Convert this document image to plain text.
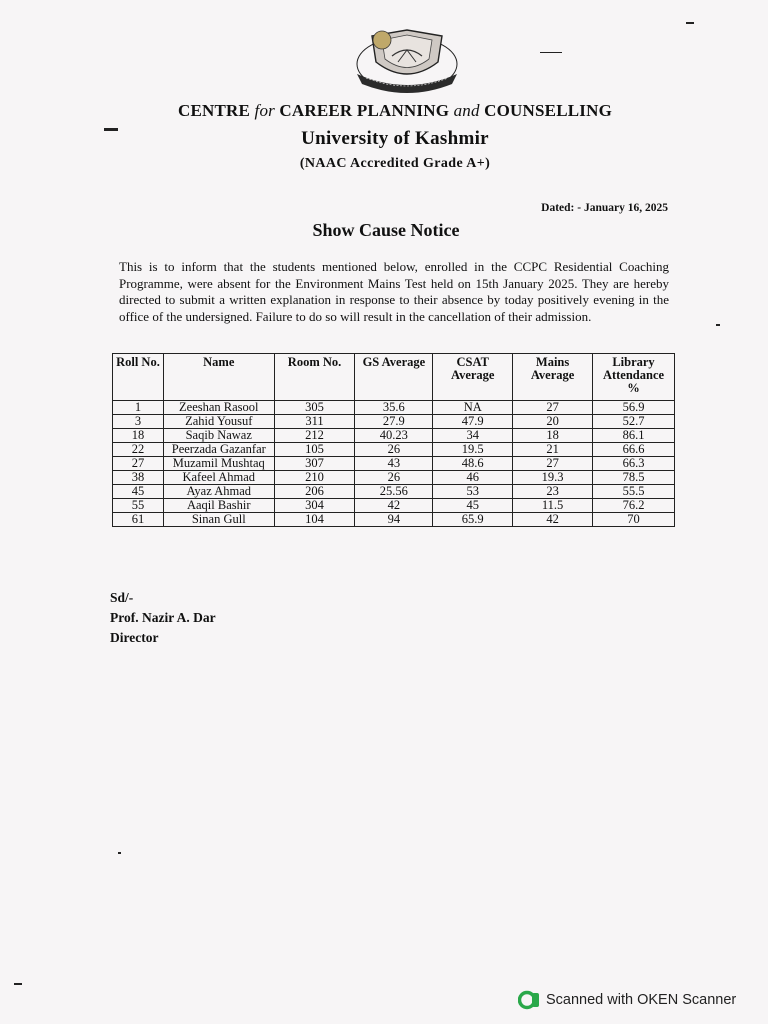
CENTRE for CAREER PLANNING and COUNSELLING
University of Kashmir
(NAAC Accredited Grade A+)
Dated: - January 16, 2025
Show Cause Notice
This is to inform that the students mentioned below, enrolled in the CCPC Residential Coaching Programme, were absent for the Environment Mains Test held on 15th January 2025. They are hereby directed to submit a written explanation in response to their absence by today positively evening in the office of the undersigned. Failure to do so will result in the cancellation of their admission.
Roll No.	Name	Room No.	GS Average	CSAT Average	Mains Average	Library Attendance %
1	Zeeshan Rasool	305	35.6	NA	27	56.9
3	Zahid Yousuf	311	27.9	47.9	20	52.7
18	Saqib Nawaz	212	40.23	34	18	86.1
22	Peerzada Gazanfar	105	26	19.5	21	66.6
27	Muzamil Mushtaq	307	43	48.6	27	66.3
38	Kafeel Ahmad	210	26	46	19.3	78.5
45	Ayaz Ahmad	206	25.56	53	23	55.5
55	Aaqil Bashir	304	42	45	11.5	76.2
61	Sinan Gull	104	94	65.9	42	70
Sd/-
Prof. Nazir A. Dar
Director
Scanned with OKEN Scanner
